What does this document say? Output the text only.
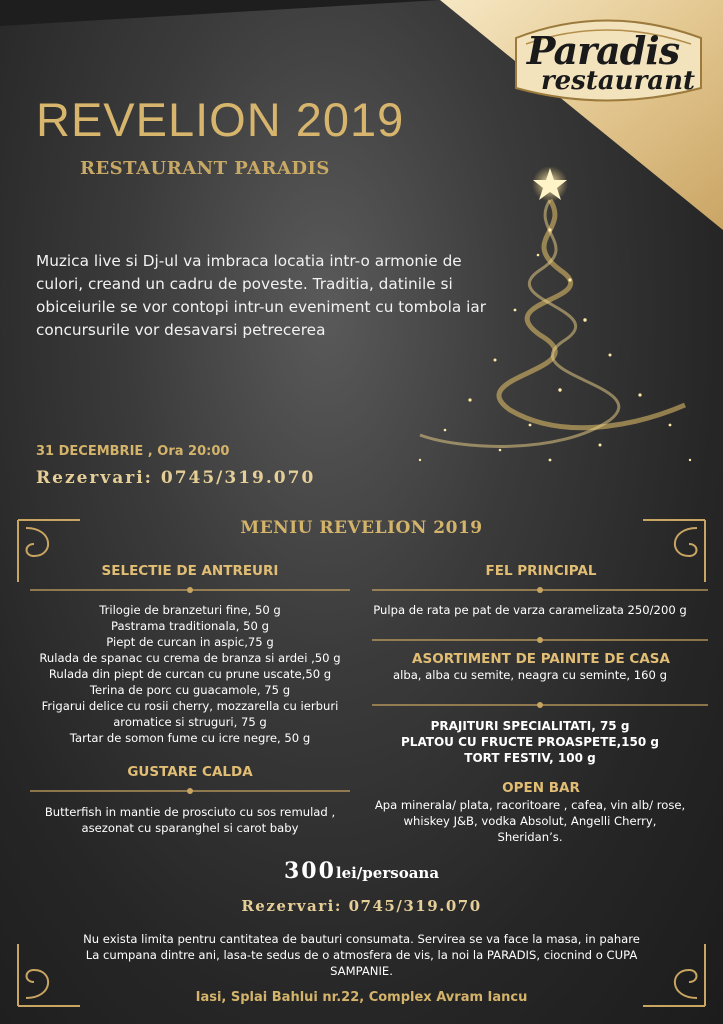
Paradis
restaurant
REVELION 2019
RESTAURANT PARADIS
Muzica live si Dj-ul va imbraca locatia intr-o armonie de culori, creand un cadru de poveste. Traditia, datinile si obiceiurile se vor contopi intr-un eveniment cu tombola iar concursurile vor desavarsi petrecerea
31 DECEMBRIE , Ora 20:00
Rezervari: 0745/319.070
MENIU REVELION 2019
SELECTIE DE ANTREURI
Trilogie de branzeturi fine, 50 g
Pastrama traditionala, 50 g
Piept de curcan in aspic,75 g
Rulada de spanac cu crema de branza si ardei ,50 g
Rulada din piept de curcan cu prune uscate,50 g
Terina de porc cu guacamole, 75 g
Frigarui delice cu rosii cherry, mozzarella cu ierburi
aromatice si struguri, 75 g
Tartar de somon fume cu icre negre, 50 g
GUSTARE CALDA
Butterfish in mantie de prosciuto cu sos remulad ,
asezonat cu sparanghel si carot baby
FEL PRINCIPAL
Pulpa de rata pe pat de varza caramelizata 250/200 g
ASORTIMENT DE PAINITE DE CASA
alba, alba cu semite, neagra cu seminte, 160 g
PRAJITURI SPECIALITATI, 75 g
PLATOU CU FRUCTE PROASPETE,150 g
TORT FESTIV, 100 g
OPEN BAR
Apa minerala/ plata, racoritoare , cafea, vin alb/ rose,
whiskey J&B, vodka Absolut, Angelli Cherry,
Sheridan’s.
300lei/persoana
Rezervari: 0745/319.070
Nu exista limita pentru cantitatea de bauturi consumata. Servirea se va face la masa, in pahare
La cumpana dintre ani, lasa-te sedus de o atmosfera de vis, la noi la PARADIS, ciocnind o CUPA
SAMPANIE.
Iasi, Splai Bahlui nr.22, Complex Avram Iancu
